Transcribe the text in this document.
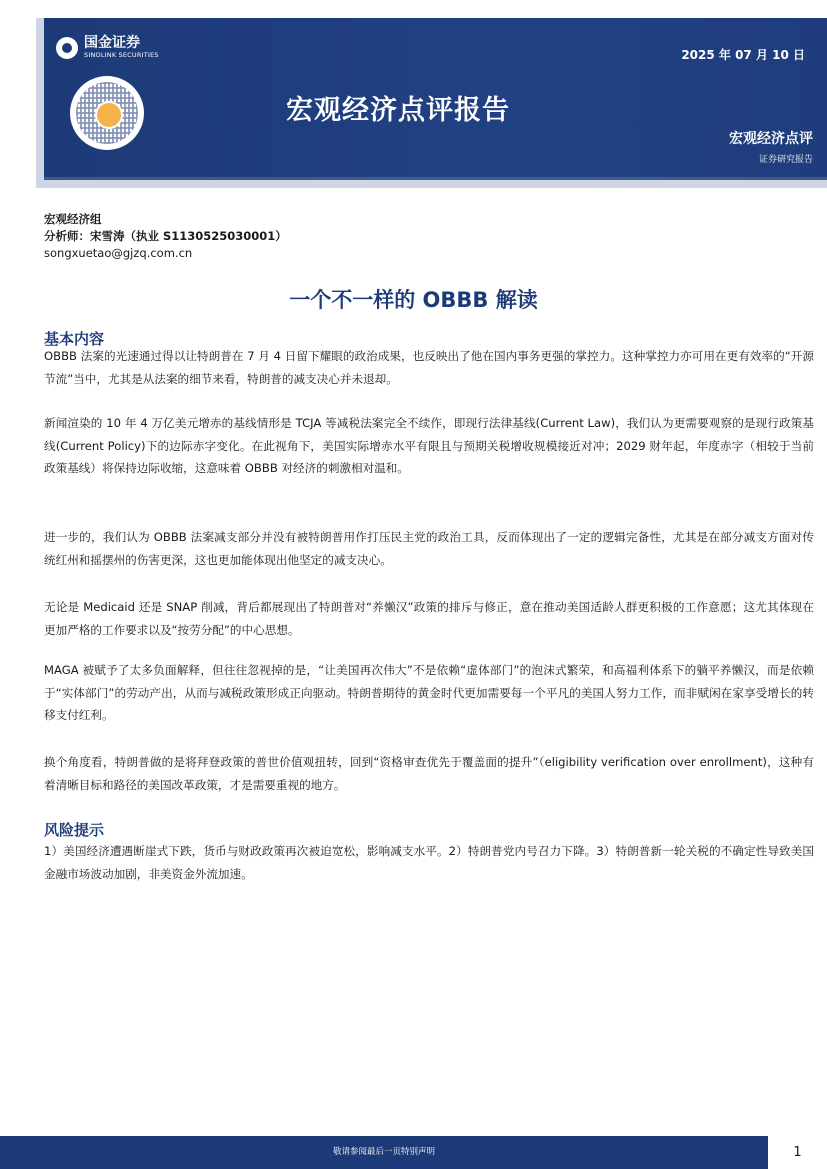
国金证券
SINOLINK SECURITIES	2025 年 07 月 10 日
宏观经济点评报告
宏观经济点评
证券研究报告
宏观经济组
分析师：宋雪涛（执业 S1130525030001）
songxuetao@gjzq.com.cn
一个不一样的 OBBB 解读
基本内容
OBBB 法案的光速通过得以让特朗普在 7 月 4 日留下耀眼的政治成果，也反映出了他在国内事务更强的掌控力。这种掌控力亦可用在更有效率的“开源节流”当中，尤其是从法案的细节来看，特朗普的减支决心并未退却。
新闻渲染的 10 年 4 万亿美元增赤的基线情形是 TCJA 等减税法案完全不续作，即现行法律基线(Current Law)，我们认为更需要观察的是现行政策基线(Current Policy)下的边际赤字变化。在此视角下，美国实际增赤水平有限且与预期关税增收规模接近对冲；2029 财年起，年度赤字（相较于当前政策基线）将保持边际收缩，这意味着 OBBB 对经济的刺激相对温和。
进一步的，我们认为 OBBB 法案减支部分并没有被特朗普用作打压民主党的政治工具，反而体现出了一定的逻辑完备性，尤其是在部分减支方面对传统红州和摇摆州的伤害更深，这也更加能体现出他坚定的减支决心。
无论是 Medicaid 还是 SNAP 削减，背后都展现出了特朗普对“养懒汉”政策的排斥与修正，意在推动美国适龄人群更积极的工作意愿；这尤其体现在更加严格的工作要求以及“按劳分配”的中心思想。
MAGA 被赋予了太多负面解释，但往往忽视掉的是，“让美国再次伟大”不是依赖“虚体部门”的泡沫式繁荣，和高福利体系下的躺平养懒汉，而是依赖于“实体部门”的劳动产出，从而与减税政策形成正向驱动。特朗普期待的黄金时代更加需要每一个平凡的美国人努力工作，而非赋闲在家享受增长的转移支付红利。
换个角度看，特朗普做的是将拜登政策的普世价值观扭转，回到“资格审查优先于覆盖面的提升”（eligibility verification over enrollment)，这种有着清晰目标和路径的美国改革政策，才是需要重视的地方。
风险提示
1）美国经济遭遇断崖式下跌，货币与财政政策再次被迫宽松，影响减支水平。2）特朗普党内号召力下降。3）特朗普新一轮关税的不确定性导致美国金融市场波动加剧，非美资金外流加速。
敬请参阅最后一页特别声明	1
